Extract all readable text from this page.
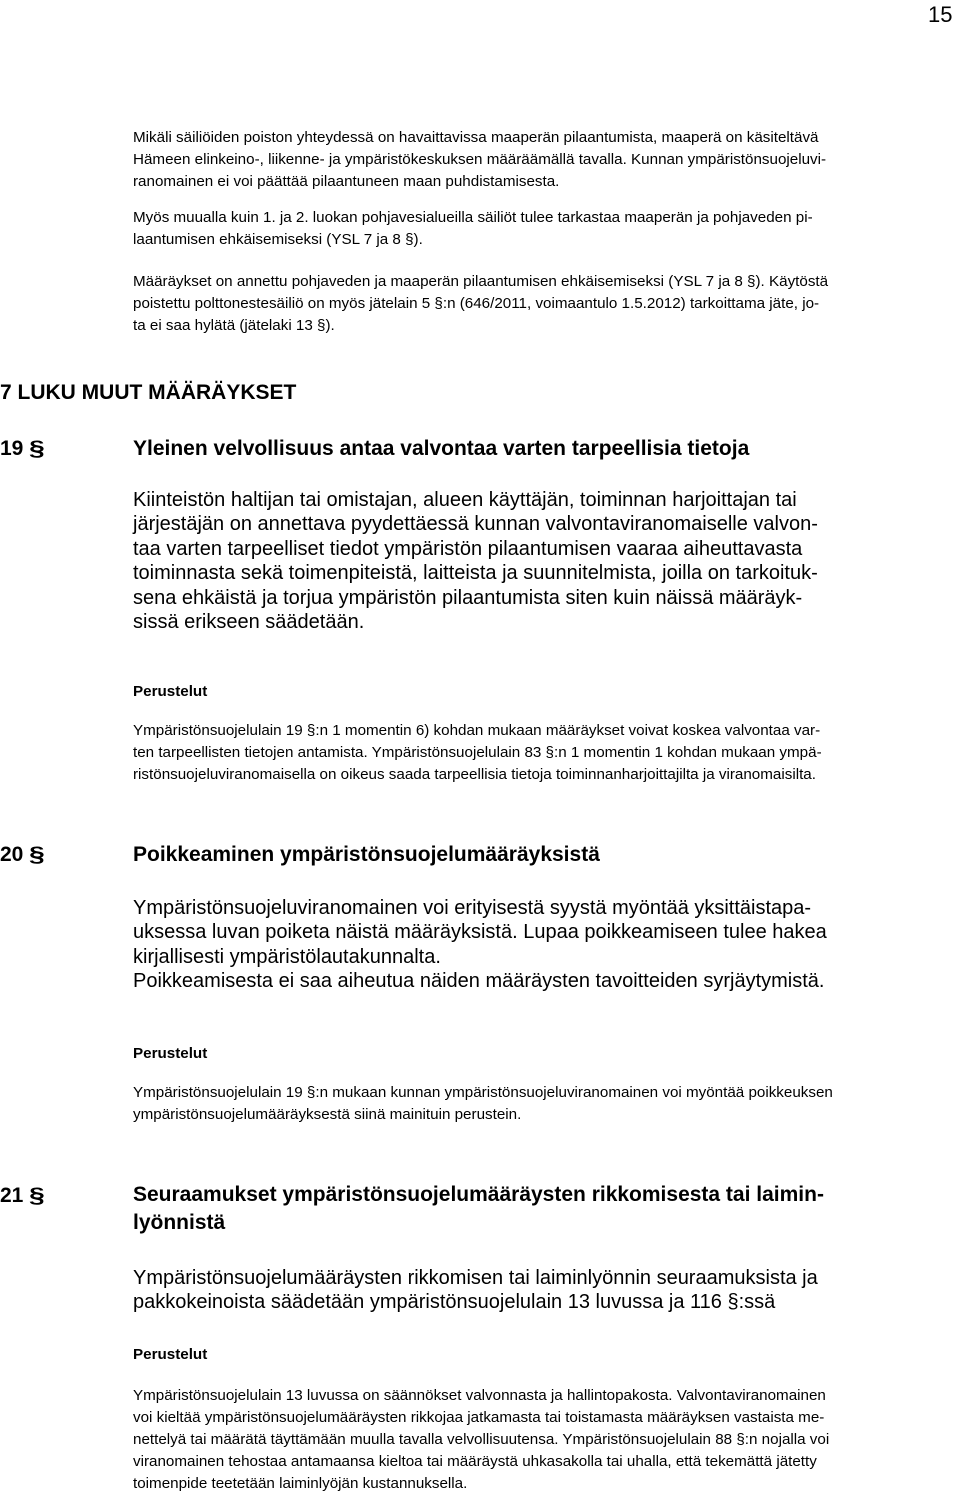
15

Mikäli säiliöiden poiston yhteydessä on havaittavissa maaperän pilaantumista, maaperä on käsiteltävä

Hämeen elinkeino-, liikenne- ja ympäristökeskuksen määräämällä tavalla. Kunnan ympäristönsuojeluvi-

ranomainen ei voi päättää pilaantuneen maan puhdistamisesta.

Myös muualla kuin 1. ja 2. luokan pohjavesialueilla säiliöt tulee tarkastaa maaperän ja pohjaveden pi-

laantumisen ehkäisemiseksi (YSL 7 ja 8 §).

Määräykset on annettu pohjaveden ja maaperän pilaantumisen ehkäisemiseksi (YSL 7 ja 8 §). Käytöstä

poistettu polttonestesäiliö on myös jätelain 5 §:n (646/2011, voimaantulo 1.5.2012) tarkoittama jäte, jo-

ta ei saa hylätä (jätelaki 13 §).

7 LUKU MUUT MÄÄRÄYKSET
19 §	Yleinen velvollisuus antaa valvontaa varten tarpeellisia tietoja

Kiinteistön haltijan tai omistajan, alueen käyttäjän, toiminnan harjoittajan tai

järjestäjän on annettava pyydettäessä kunnan valvontaviranomaiselle valvon-

taa varten tarpeelliset tiedot ympäristön pilaantumisen vaaraa aiheuttavasta

toiminnasta sekä toimenpiteistä, laitteista ja suunnitelmista, joilla on tarkoituk-

sena ehkäistä ja torjua ympäristön pilaantumista siten kuin näissä määräyk-

sissä erikseen säädetään.

Perustelut

Ympäristönsuojelulain 19 §:n 1 momentin 6) kohdan mukaan määräykset voivat koskea valvontaa var-

ten tarpeellisten tietojen antamista. Ympäristönsuojelulain 83 §:n 1 momentin 1 kohdan mukaan ympä-

ristönsuojeluviranomaisella on oikeus saada tarpeellisia tietoja toiminnanharjoittajilta ja viranomaisilta.

20 §	Poikkeaminen ympäristönsuojelumääräyksistä

Ympäristönsuojeluviranomainen voi erityisestä syystä myöntää yksittäistapa-

uksessa luvan poiketa näistä määräyksistä. Lupaa poikkeamiseen tulee hakea

kirjallisesti ympäristölautakunnalta.

Poikkeamisesta ei saa aiheutua näiden määräysten tavoitteiden syrjäytymistä.

Perustelut

Ympäristönsuojelulain 19 §:n mukaan kunnan ympäristönsuojeluviranomainen voi myöntää poikkeuksen

ympäristönsuojelumääräyksestä siinä mainituin perustein.

21 §	Seuraamukset ympäristönsuojelumääräysten rikkomisesta tai laimin-
lyönnistä

Ympäristönsuojelumääräysten rikkomisen tai laiminlyönnin seuraamuksista ja

pakkokeinoista säädetään ympäristönsuojelulain 13 luvussa ja 116 §:ssä

Perustelut

Ympäristönsuojelulain 13 luvussa on säännökset valvonnasta ja hallintopakosta. Valvontaviranomainen

voi kieltää ympäristönsuojelumääräysten rikkojaa jatkamasta tai toistamasta määräyksen vastaista me-

nettelyä tai määrätä täyttämään muulla tavalla velvollisuutensa. Ympäristönsuojelulain 88 §:n nojalla voi

viranomainen tehostaa antamaansa kieltoa tai määräystä uhkasakolla tai uhalla, että tekemättä jätetty

toimenpide teetetään laiminlyöjän kustannuksella.
